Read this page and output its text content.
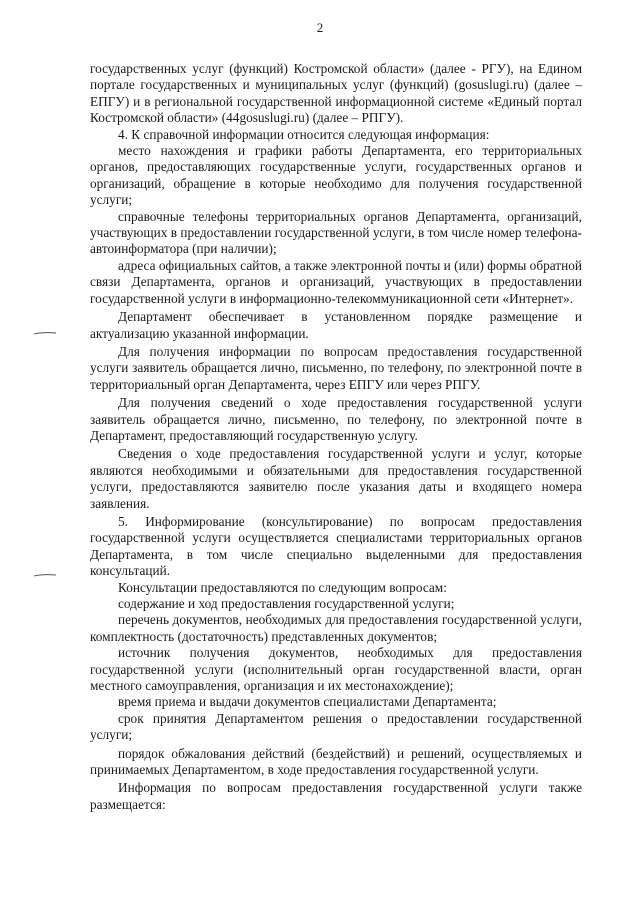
2

государственных услуг (функций) Костромской области» (далее - РГУ), на Едином портале государственных и муниципальных услуг (функций) (gosuslugi.ru) (далее – ЕПГУ) и в региональной государственной информационной системе «Единый портал Костромской области» (44gosuslugi.ru) (далее – РПГУ).

4. К справочной информации относится следующая информация:

место нахождения и графики работы Департамента, его территориальных органов, предоставляющих государственные услуги, государственных органов и организаций, обращение в которые необходимо для получения государственной услуги;

справочные телефоны территориальных органов Департамента, организаций, участвующих в предоставлении государственной услуги, в том числе номер телефона-автоинформатора (при наличии);

адреса официальных сайтов, а также электронной почты и (или) формы обратной связи Департамента, органов и организаций, участвующих в предоставлении государственной услуги в информационно-телекоммуникационной сети «Интернет».

Департамент обеспечивает в установленном порядке размещение и актуализацию указанной информации.

Для получения информации по вопросам предоставления государственной услуги заявитель обращается лично, письменно, по телефону, по электронной почте в территориальный орган Департамента, через ЕПГУ или через РПГУ.

Для получения сведений о ходе предоставления государственной услуги заявитель обращается лично, письменно, по телефону, по электронной почте в Департамент, предоставляющий государственную услугу.

Сведения о ходе предоставления государственной услуги и услуг, которые являются необходимыми и обязательными для предоставления государственной услуги, предоставляются заявителю после указания даты и входящего номера заявления.

5. Информирование (консультирование) по вопросам предоставления государственной услуги осуществляется специалистами территориальных органов Департамента, в том числе специально выделенными для предоставления консультаций.

Консультации предоставляются по следующим вопросам:

содержание и ход предоставления государственной услуги;

перечень документов, необходимых для предоставления государственной услуги, комплектность (достаточность) представленных документов;

источник получения документов, необходимых для предоставления государственной услуги (исполнительный орган государственной власти, орган местного самоуправления, организация и их местонахождение);

время приема и выдачи документов специалистами Департамента;

срок принятия Департаментом решения о предоставлении государственной услуги;

порядок обжалования действий (бездействий) и решений, осуществляемых и принимаемых Департаментом, в ходе предоставления государственной услуги.

Информация по вопросам предоставления государственной услуги также размещается:
